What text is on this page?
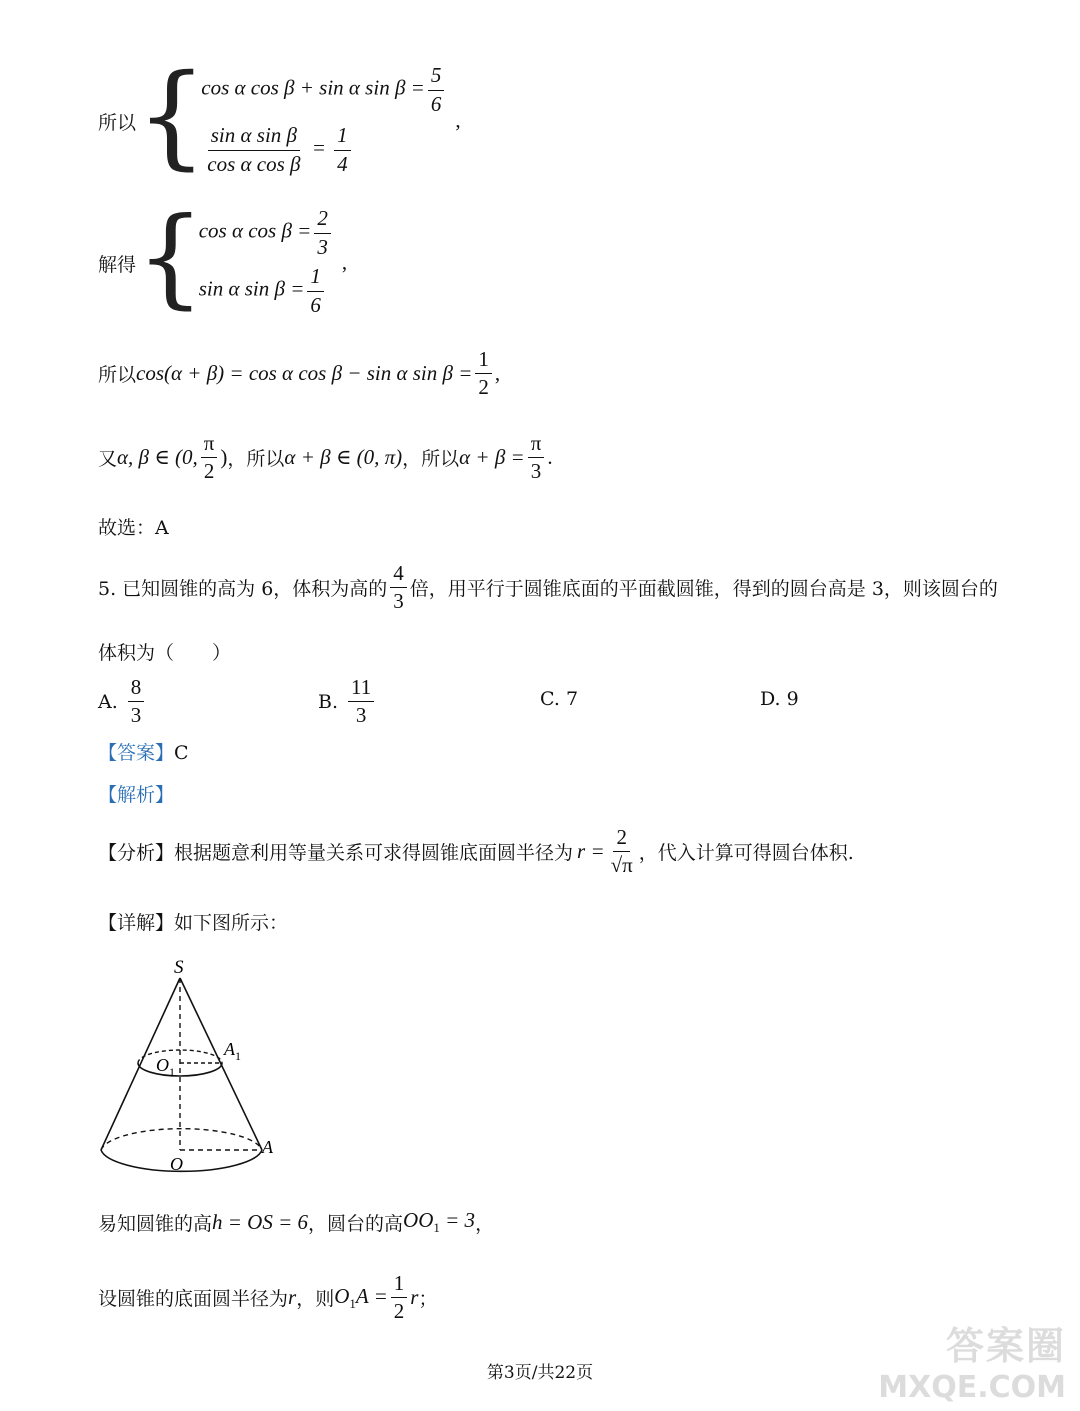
所以 {
cos α cos β + sin α $\sin \beta = \frac{5}{6}$
$\frac{\text{sin α sin β}}{\text{cos α cos β}} = \frac{1}{4}$
,
解得 {
cos α $\cos \beta = \frac{2}{3}$
sin α $\sin \beta = \frac{1}{6}$
,
所以 cos(α + β) = cos α cos β − sin α $\sin \beta = \frac{1}{2}$ ,
又 α, β ∈ (0, $\frac{\pi}{2}$ ) ，所以 α + β ∈ (0, π) ，所以 $\alpha + \beta = \frac{\pi}{3}$ .
故选：A
5. 已知圆锥的高为 6，体积为高的 $\frac{4}{3}$ 倍，用平行于圆锥底面的平面截圆锥，得到的圆台高是 3，则该圆台的
体积为（　　）
A. $\frac{8}{3}$	B. $\frac{11}{3}$	C.
7	D.
9
【答案】C
【解析】
【分析】 根据题意利用等量关系可求得圆锥底面圆半径为 $r = \frac{2}{√\pi}$ ，代入计算可得圆台体积.
【详解】如下图所示：
S
$A_1$
$O_1$
A
O
易知圆锥的高 h = OS = 6 ，圆台的高 $OO_1 = 3$ ，
设圆锥的底面圆半径为 r ，则 $O_1A = \frac{1}{2}$ r ；
第3页/共22页
答案圈
MXQE.COM
